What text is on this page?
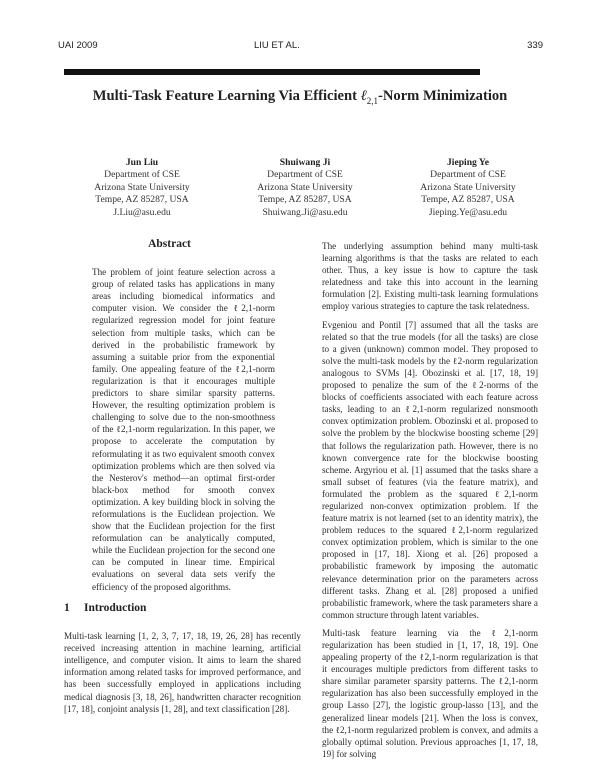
UAI 2009	LIU ET AL.	339
Multi-Task Feature Learning Via Efficient ℓ$_{2,1}$-Norm Minimization
Jun Liu
Department of CSE
Arizona State University
Tempe, AZ 85287, USA
J.Liu@asu.edu
Shuiwang Ji
Department of CSE
Arizona State University
Tempe, AZ 85287, USA
Shuiwang.Ji@asu.edu
Jieping Ye
Department of CSE
Arizona State University
Tempe, AZ 85287, USA
Jieping.Ye@asu.edu
Abstract
The problem of joint feature selection across a group of related tasks has applications in many areas including biomedical informatics and computer vision. We consider the ℓ2,1-norm regularized regression model for joint feature selection from multiple tasks, which can be derived in the probabilistic framework by assuming a suitable prior from the exponential family. One appealing feature of the ℓ2,1-norm regularization is that it encourages multiple predictors to share similar sparsity patterns. However, the resulting optimization problem is challenging to solve due to the non-smoothness of the ℓ2,1-norm regularization. In this paper, we propose to accelerate the computation by reformulating it as two equivalent smooth convex optimization problems which are then solved via the Nesterov's method—an optimal first-order black-box method for smooth convex optimization. A key building block in solving the reformulations is the Euclidean projection. We show that the Euclidean projection for the first reformulation can be analytically computed, while the Euclidean projection for the second one can be computed in linear time. Empirical evaluations on several data sets verify the efficiency of the proposed algorithms.
1 Introduction

Multi-task learning [1, 2, 3, 7, 17, 18, 19, 26, 28] has recently received increasing attention in machine learning, artificial intelligence, and computer vision. It aims to learn the shared information among related tasks for improved performance, and has been successfully employed in applications including medical diagnosis [3, 18, 26], handwritten character recognition [17, 18], conjoint analysis [1, 28], and text classification [28].

The underlying assumption behind many multi-task learning algorithms is that the tasks are related to each other. Thus, a key issue is how to capture the task relatedness and take this into account in the learning formulation [2]. Existing multi-task learning formulations employ various strategies to capture the task relatedness.

Evgeniou and Pontil [7] assumed that all the tasks are related so that the true models (for all the tasks) are close to a given (unknown) common model. They proposed to solve the multi-task models by the ℓ2-norm regularization analogous to SVMs [4]. Obozinski et al. [17, 18, 19] proposed to penalize the sum of the ℓ2-norms of the blocks of coefficients associated with each feature across tasks, leading to an ℓ2,1-norm regularized nonsmooth convex optimization problem. Obozinski et al. proposed to solve the problem by the blockwise boosting scheme [29] that follows the regularization path. However, there is no known convergence rate for the blockwise boosting scheme. Argyriou et al. [1] assumed that the tasks share a small subset of features (via the feature matrix), and formulated the problem as the squared ℓ2,1-norm regularized non-convex optimization problem. If the feature matrix is not learned (set to an identity matrix), the problem reduces to the squared ℓ2,1-norm regularized convex optimization problem, which is similar to the one proposed in [17, 18]. Xiong et al. [26] proposed a probabilistic framework by imposing the automatic relevance determination prior on the parameters across different tasks. Zhang et al. [28] proposed a unified probabilistic framework, where the task parameters share a common structure through latent variables.

Multi-task feature learning via the ℓ2,1-norm regularization has been studied in [1, 17, 18, 19]. One appealing property of the ℓ2,1-norm regularization is that it encourages multiple predictors from different tasks to share similar parameter sparsity patterns. The ℓ2,1-norm regularization has also been successfully employed in the group Lasso [27], the logistic group-lasso [13], and the generalized linear models [21]. When the loss is convex, the ℓ2,1-norm regularized problem is convex, and admits a globally optimal solution. Previous approaches [1, 17, 18, 19] for solving
